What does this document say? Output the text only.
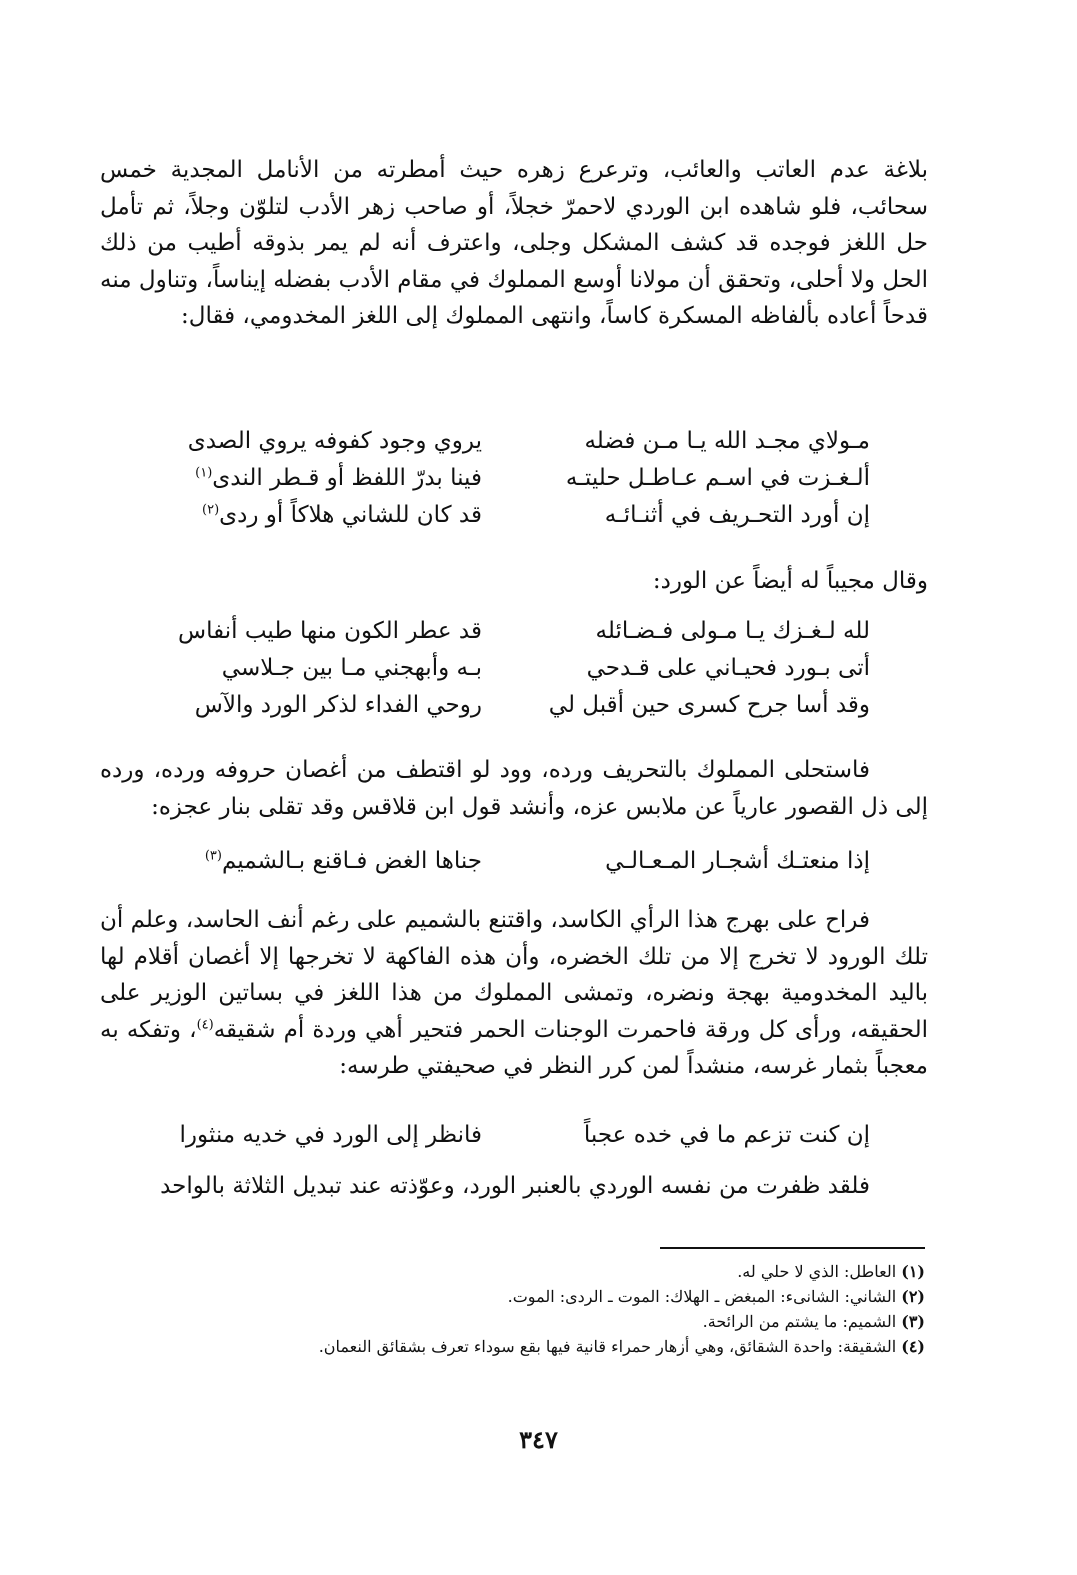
بلاغة عدم العاتب والعائب، وترعرع زهره حيث أمطرته من الأنامل المجدية خمس سحائب، فلو شاهده ابن الوردي لاحمرّ خجلاً، أو صاحب زهر الأدب لتلوّن وجلاً، ثم تأمل حل اللغز فوجده قد كشف المشكل وجلى، واعترف أنه لم يمر بذوقه أطيب من ذلك الحل ولا أحلى، وتحقق أن مولانا أوسع المملوك في مقام الأدب بفضله إيناساً، وتناول منه قدحاً أعاده بألفاظه المسكرة كاساً، وانتهى المملوك إلى اللغز المخدومي، فقال:

مـولاي مجـد الله يـا مـن فضله
يروي وجود كفوفه يروي الصدى
ألـغـزت في اسـم عـاطـل حليتـه
فينا بدرّ اللفظ أو قـطر الندى$^{(١)}$
إن أورد التحـريف في أثنـائـه
قد كان للشاني هلاكاً أو ردى$^{(٢)}$

وقال مجيباً له أيضاً عن الورد:

لله لـغـزك يـا مـولى فـضـائله
قد عطر الكون منها طيب أنفاس
أتى بـورد فحيـاني على قـدحي
بـه وأبهجني مـا بين جـلاسي
وقد أسا جرح كسرى حين أقبل لي
روحي الفداء لذكر الورد والآس

فاستحلى المملوك بالتحريف ورده، وود لو اقتطف من أغصان حروفه ورده، ورده إلى ذل القصور عارياً عن ملابس عزه، وأنشد قول ابن قلاقس وقد تقلى بنار عجزه:

إذا منعتـك أشجـار المـعـالـي
جناها الغض فـاقنع بـالشميم$^{(٣)}$

فراح على بهرج هذا الرأي الكاسد، واقتنع بالشميم على رغم أنف الحاسد، وعلم أن تلك الورود لا تخرج إلا من تلك الخضره، وأن هذه الفاكهة لا تخرجها إلا أغصان أقلام لها باليد المخدومية بهجة ونضره، وتمشى المملوك من هذا اللغز في بساتين الوزير على الحقيقه، ورأى كل ورقة فاحمرت الوجنات الحمر فتحير أهي وردة أم شقيقه$^{(٤)}$، وتفكه به معجباً بثمار غرسه، منشداً لمن كرر النظر في صحيفتي طرسه:

إن كنت تزعم ما في خده عجباً
فانظر إلى الورد في خديه منثورا

فلقد ظفرت من نفسه الوردي بالعنبر الورد، وعوّذته عند تبديل الثلاثة بالواحد

(١) العاطل: الذي لا حلي له.
(٢) الشاني: الشانىء: المبغض ـ الهلاك: الموت ـ الردى: الموت.
(٣) الشميم: ما يشتم من الرائحة.
(٤) الشقيقة: واحدة الشقائق، وهي أزهار حمراء قانية فيها بقع سوداء تعرف بشقائق النعمان.
٣٤٧
